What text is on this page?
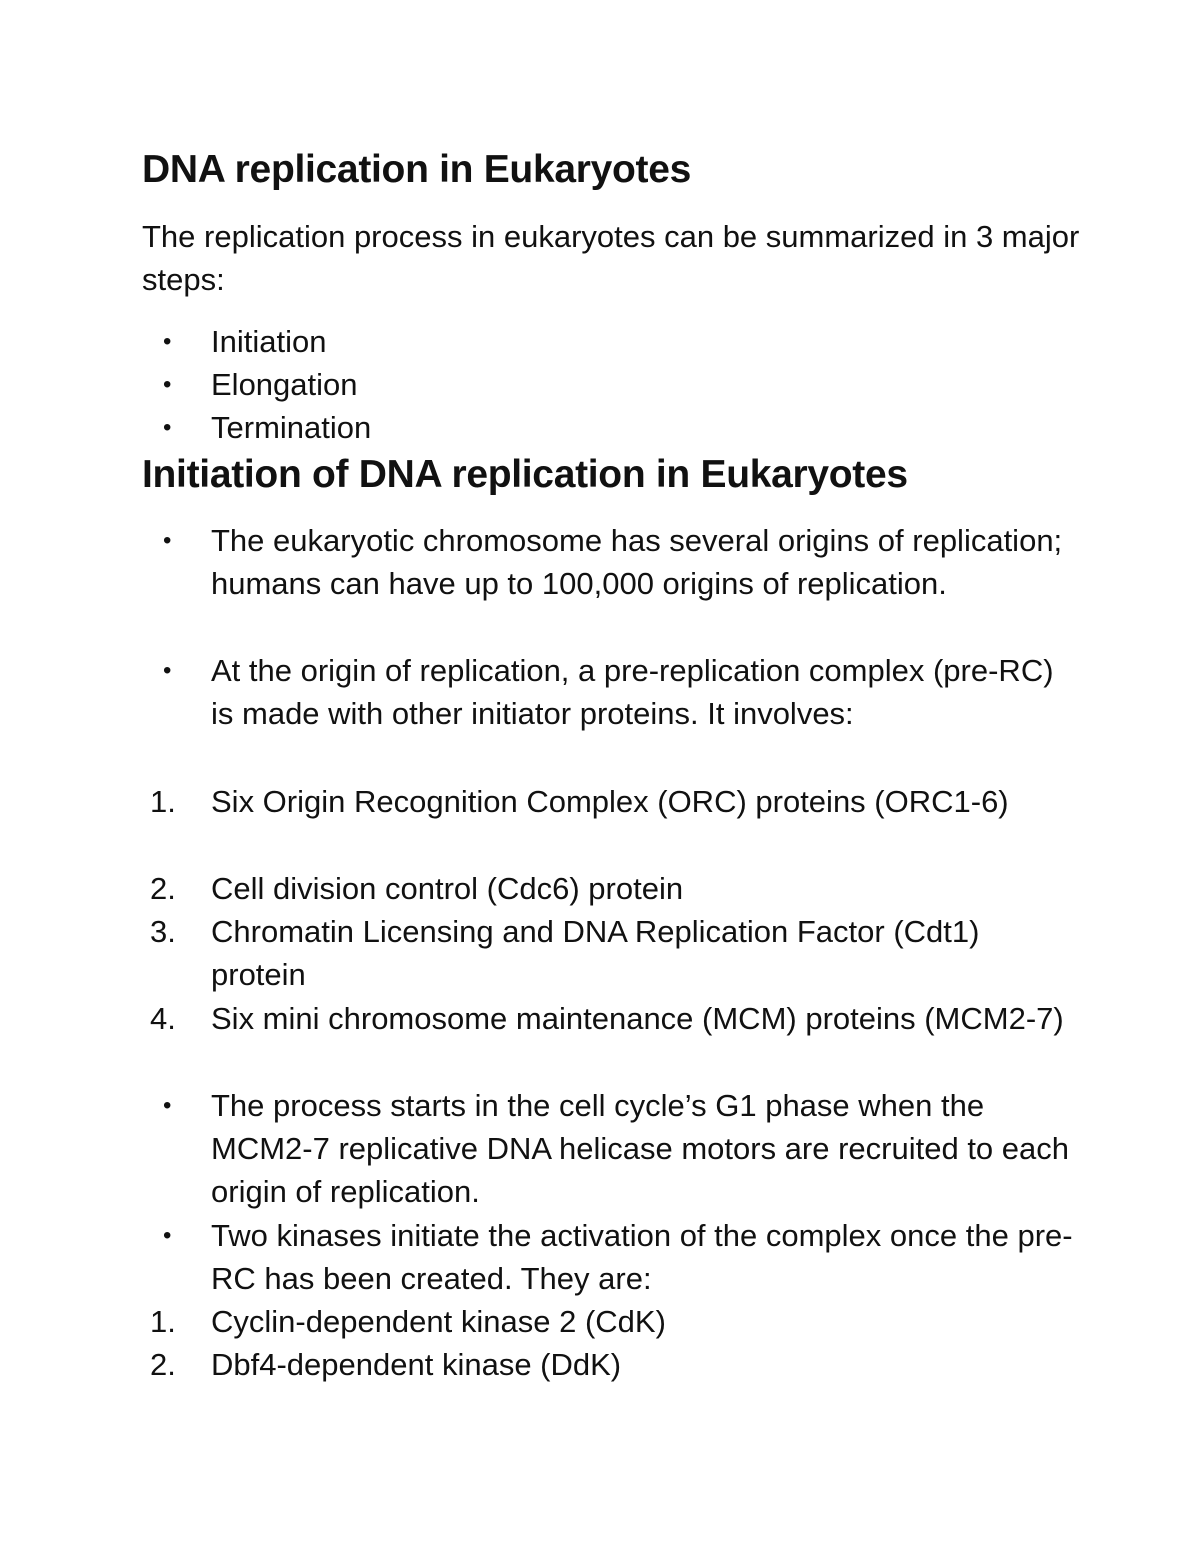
DNA replication in Eukaryotes

The replication process in eukaryotes can be summarized in 3 major steps:

•	Initiation
•	Elongation
•	Termination
Initiation of DNA replication in Eukaryotes
•	The eukaryotic chromosome has several origins of replication; humans can have up to 100,000 origins of replication.
•	At the origin of replication, a pre-replication complex (pre-RC) is made with other initiator proteins. It involves:
1.	Six Origin Recognition Complex (ORC) proteins (ORC1-6)
2.	Cell division control (Cdc6) protein
3.	Chromatin Licensing and DNA Replication Factor (Cdt1) protein
4.	Six mini chromosome maintenance (MCM) proteins (MCM2-7)
•	The process starts in the cell cycle’s G1 phase when the MCM2-7 replicative DNA helicase motors are recruited to each origin of replication.
•	Two kinases initiate the activation of the complex once the pre-RC has been created. They are:
1.	Cyclin-dependent kinase 2 (CdK)
2.	Dbf4-dependent kinase (DdK)
